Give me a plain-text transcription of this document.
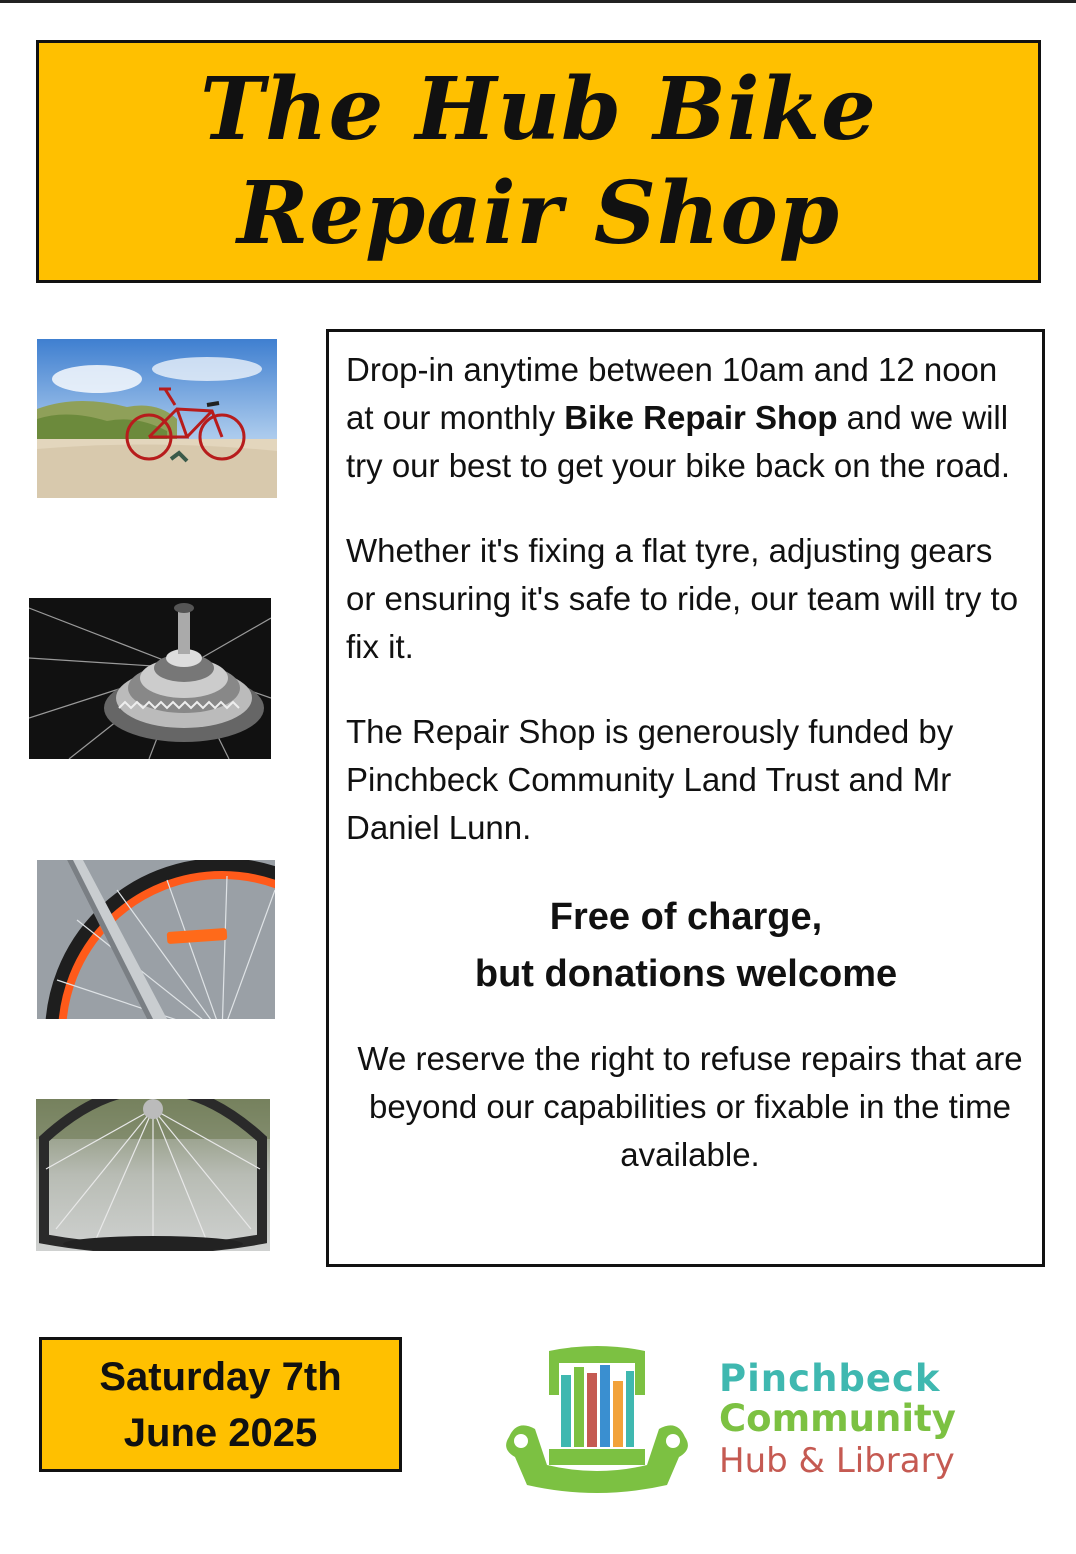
The Hub Bike
Repair Shop

Drop-in anytime between 10am and 12 noon at our monthly Bike Repair Shop and we will try our best to get your bike back on the road.

Whether it's fixing a flat tyre, adjusting gears or ensuring it's safe to ride, our team will try to fix it.

The Repair Shop is generously funded by Pinchbeck Community Land Trust and Mr Daniel Lunn.

Free of charge,
but donations welcome

We reserve the right to refuse repairs that are beyond our capabilities or fixable in the time available.

Saturday 7th
June 2025
Pinchbeck
Community
Hub & Library
